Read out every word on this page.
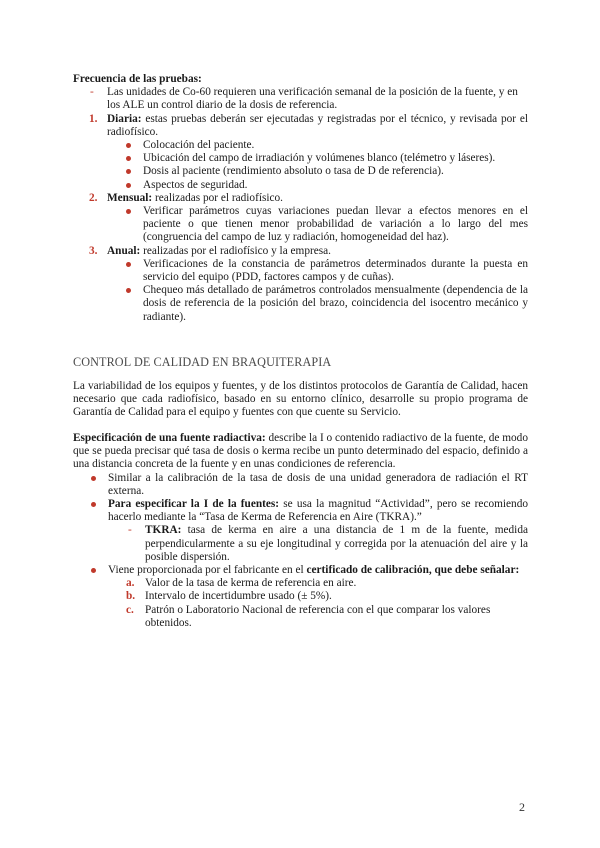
Frecuencia de las pruebas:

- Las unidades de Co-60 requieren una verificación semanal de la posición de la fuente, y en los ALE un control diario de la dosis de referencia.
1. Diaria: estas pruebas deberán ser ejecutadas y registradas por el técnico, y revisada por el radiofísico.
Colocación del paciente.
Ubicación del campo de irradiación y volúmenes blanco (telémetro y láseres).
Dosis al paciente (rendimiento absoluto o tasa de D de referencia).
Aspectos de seguridad.
2. Mensual: realizadas por el radiofísico.
Verificar parámetros cuyas variaciones puedan llevar a efectos menores en el paciente o que tienen menor probabilidad de variación a lo largo del mes (congruencia del campo de luz y radiación, homogeneidad del haz).
3. Anual: realizadas por el radiofísico y la empresa.
Verificaciones de la constancia de parámetros determinados durante la puesta en servicio del equipo (PDD, factores campos y de cuñas).
Chequeo más detallado de parámetros controlados mensualmente (dependencia de la dosis de referencia de la posición del brazo, coincidencia del isocentro mecánico y radiante).

CONTROL DE CALIDAD EN BRAQUITERAPIA

La variabilidad de los equipos y fuentes, y de los distintos protocolos de Garantía de Calidad, hacen necesario que cada radiofísico, basado en su entorno clínico, desarrolle su propio programa de Garantía de Calidad para el equipo y fuentes con que cuente su Servicio.

Especificación de una fuente radiactiva: describe la I o contenido radiactivo de la fuente, de modo que se pueda precisar qué tasa de dosis o kerma recibe un punto determinado del espacio, definido a una distancia concreta de la fuente y en unas condiciones de referencia.

Similar a la calibración de la tasa de dosis de una unidad generadora de radiación el RT externa.
Para especificar la I de la fuentes: se usa la magnitud “Actividad”, pero se recomiendo hacerlo mediante la “Tasa de Kerma de Referencia en Aire (TKRA).”
- TKRA: tasa de kerma en aire a una distancia de 1 m de la fuente, medida perpendicularmente a su eje longitudinal y corregida por la atenuación del aire y la posible dispersión.
Viene proporcionada por el fabricante en el certificado de calibración, que debe señalar:
a. Valor de la tasa de kerma de referencia en aire.
b. Intervalo de incertidumbre usado (± 5%).
c. Patrón o Laboratorio Nacional de referencia con el que comparar los valores obtenidos.
2
